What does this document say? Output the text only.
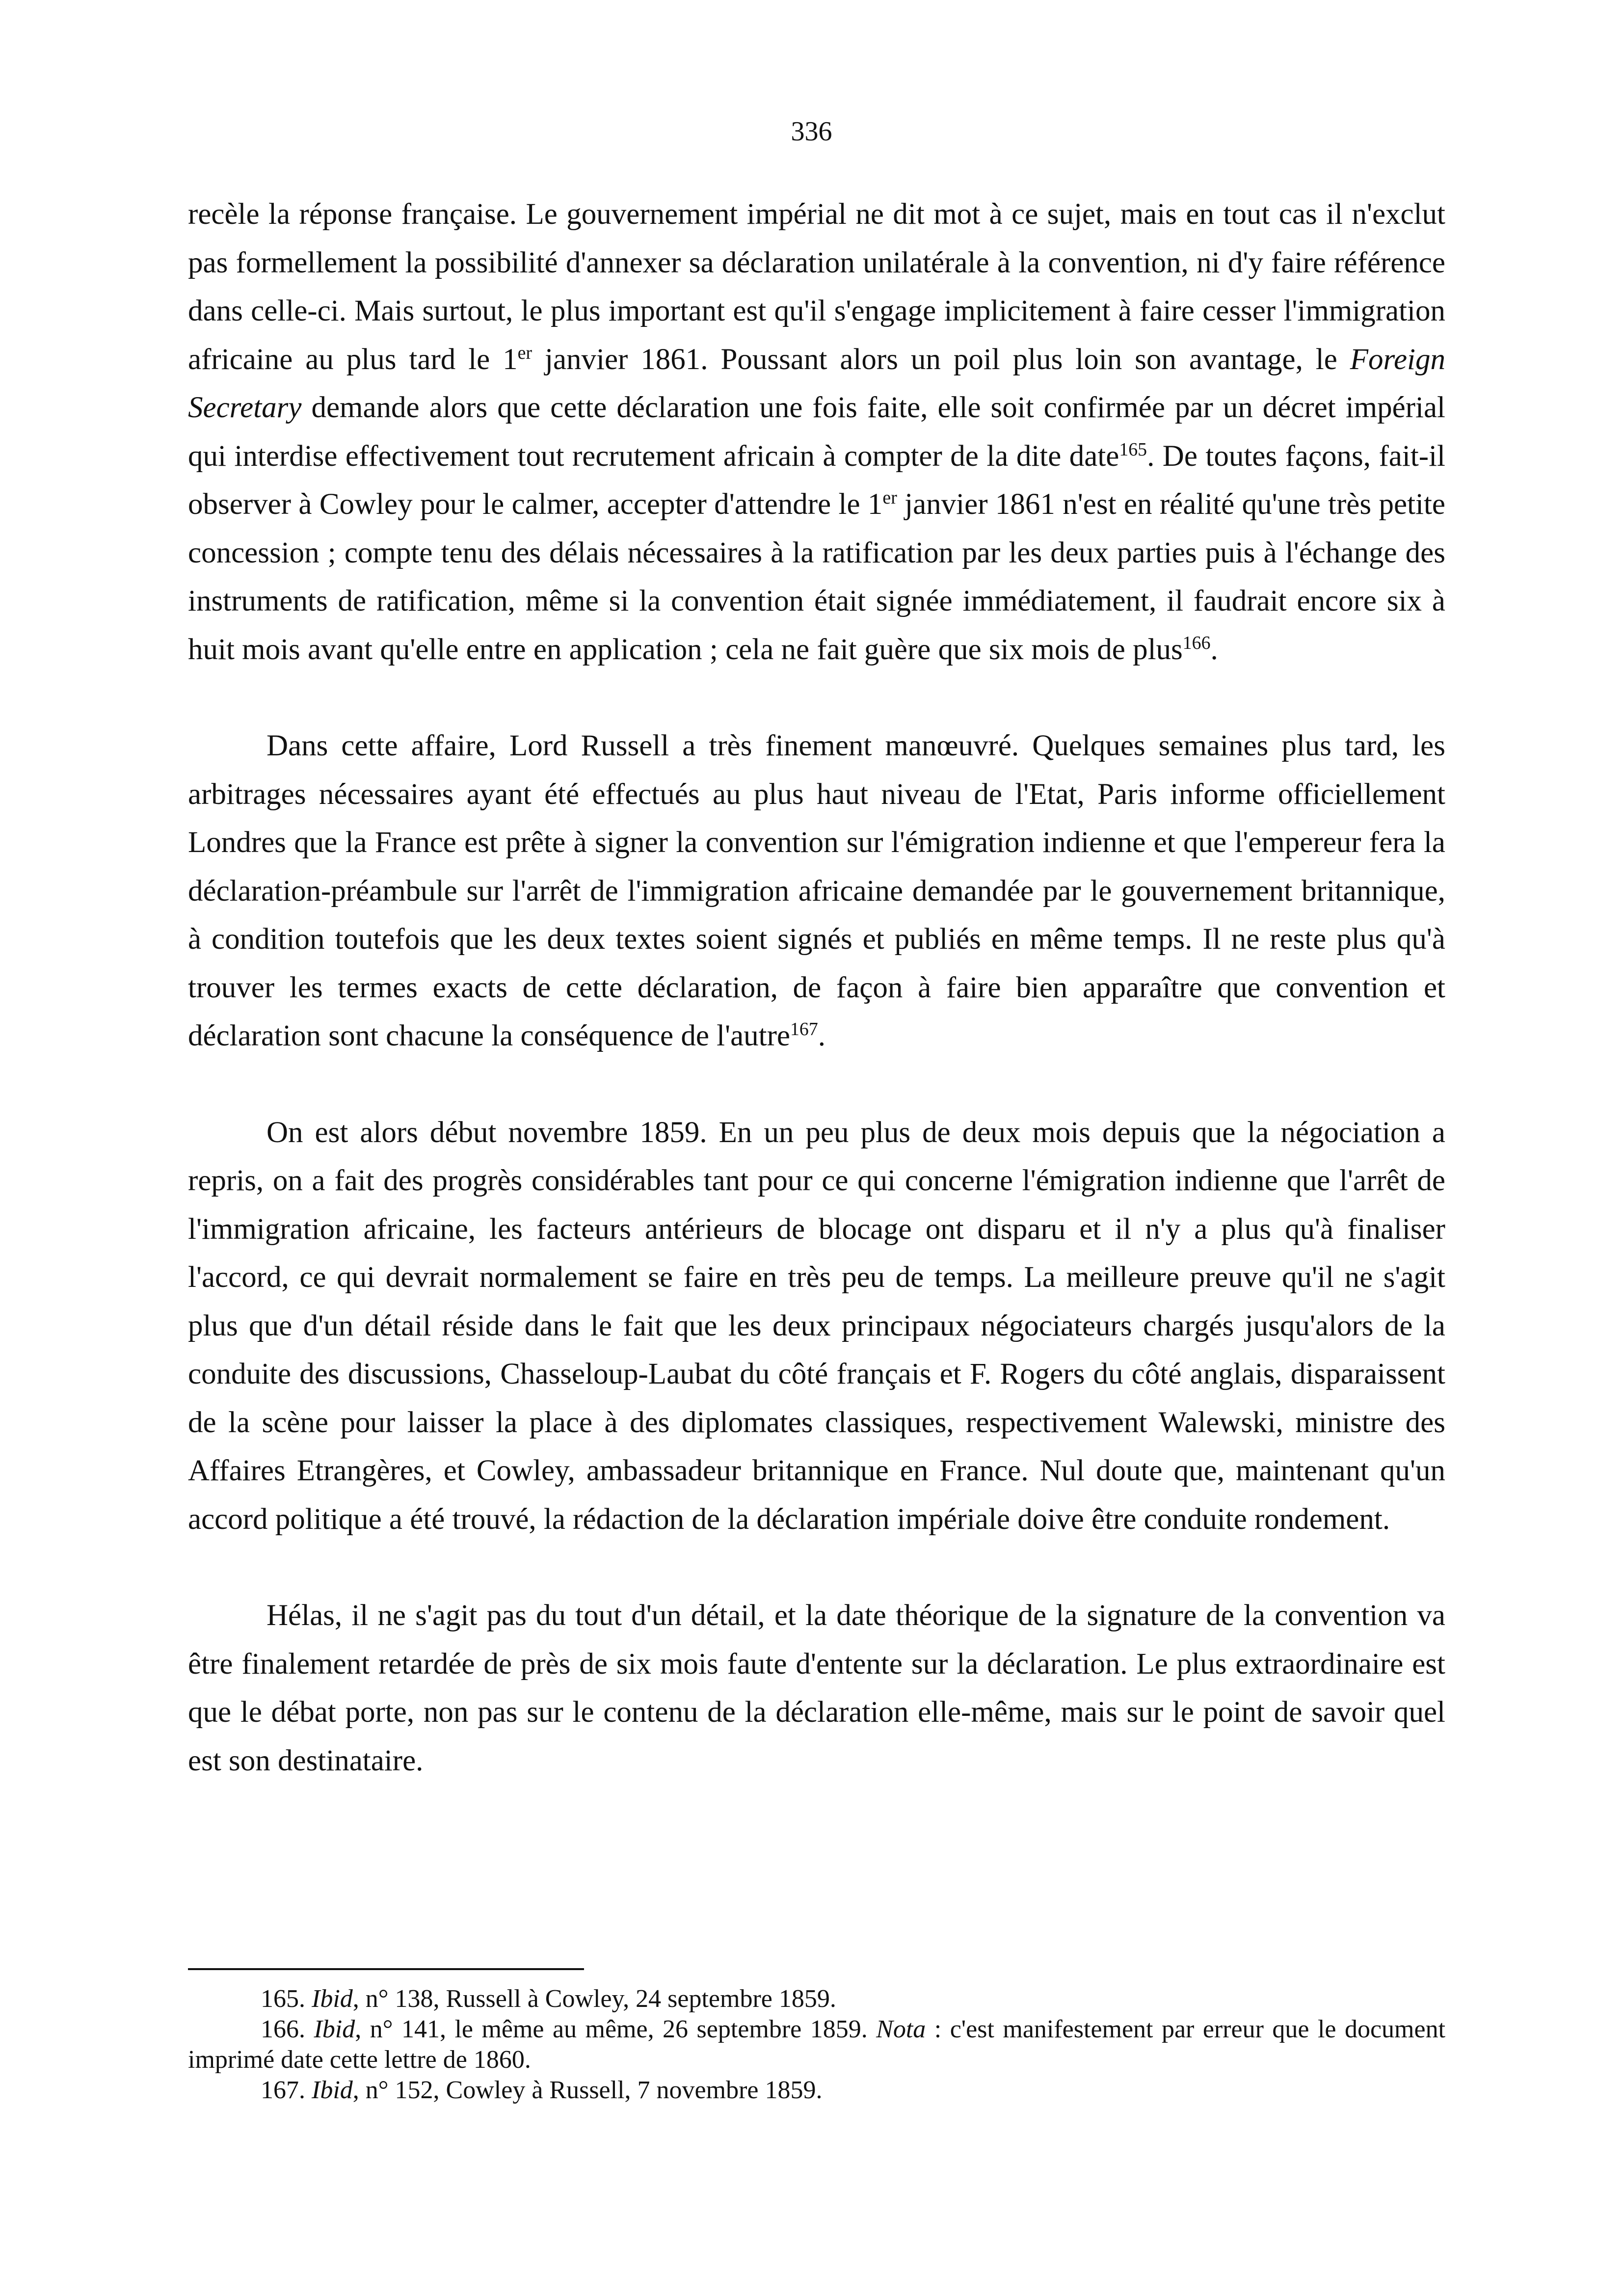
336

recèle la réponse française. Le gouvernement impérial ne dit mot à ce sujet, mais en tout cas il n'exclut pas formellement la possibilité d'annexer sa déclaration unilatérale à la convention, ni d'y faire référence dans celle-ci. Mais surtout, le plus important est qu'il s'engage implicitement à faire cesser l'immigration africaine au plus tard le 1er janvier 1861. Poussant alors un poil plus loin son avantage, le Foreign Secretary demande alors que cette déclaration une fois faite, elle soit confirmée par un décret impérial qui interdise effectivement tout recrutement africain à compter de la dite date$^{165}$. De toutes façons, fait-il observer à Cowley pour le calmer, accepter d'attendre le 1er janvier 1861 n'est en réalité qu'une très petite concession ; compte tenu des délais nécessaires à la ratification par les deux parties puis à l'échange des instruments de ratification, même si la convention était signée immédiatement, il faudrait encore six à huit mois avant qu'elle entre en application ; cela ne fait guère que six mois de plus$^{166}$.

Dans cette affaire, Lord Russell a très finement manœuvré. Quelques semaines plus tard, les arbitrages nécessaires ayant été effectués au plus haut niveau de l'Etat, Paris informe officiellement Londres que la France est prête à signer la convention sur l'émigration indienne et que l'empereur fera la déclaration-préambule sur l'arrêt de l'immigration africaine demandée par le gouvernement britannique, à condition toutefois que les deux textes soient signés et publiés en même temps. Il ne reste plus qu'à trouver les termes exacts de cette déclaration, de façon à faire bien apparaître que convention et déclaration sont chacune la conséquence de l'autre$^{167}$.

On est alors début novembre 1859. En un peu plus de deux mois depuis que la négociation a repris, on a fait des progrès considérables tant pour ce qui concerne l'émigration indienne que l'arrêt de l'immigration africaine, les facteurs antérieurs de blocage ont disparu et il n'y a plus qu'à finaliser l'accord, ce qui devrait normalement se faire en très peu de temps. La meilleure preuve qu'il ne s'agit plus que d'un détail réside dans le fait que les deux principaux négociateurs chargés jusqu'alors de la conduite des discussions, Chasseloup-Laubat du côté français et F. Rogers du côté anglais, disparaissent de la scène pour laisser la place à des diplomates classiques, respectivement Walewski, ministre des Affaires Etrangères, et Cowley, ambassadeur britannique en France. Nul doute que, maintenant qu'un accord politique a été trouvé, la rédaction de la déclaration impériale doive être conduite rondement.

Hélas, il ne s'agit pas du tout d'un détail, et la date théorique de la signature de la convention va être finalement retardée de près de six mois faute d'entente sur la déclaration. Le plus extraordinaire est que le débat porte, non pas sur le contenu de la déclaration elle-même, mais sur le point de savoir quel est son destinataire.

165. Ibid, n° 138, Russell à Cowley, 24 septembre 1859.

166. Ibid, n° 141, le même au même, 26 septembre 1859. Nota : c'est manifestement par erreur que le document imprimé date cette lettre de 1860.

167. Ibid, n° 152, Cowley à Russell, 7 novembre 1859.
